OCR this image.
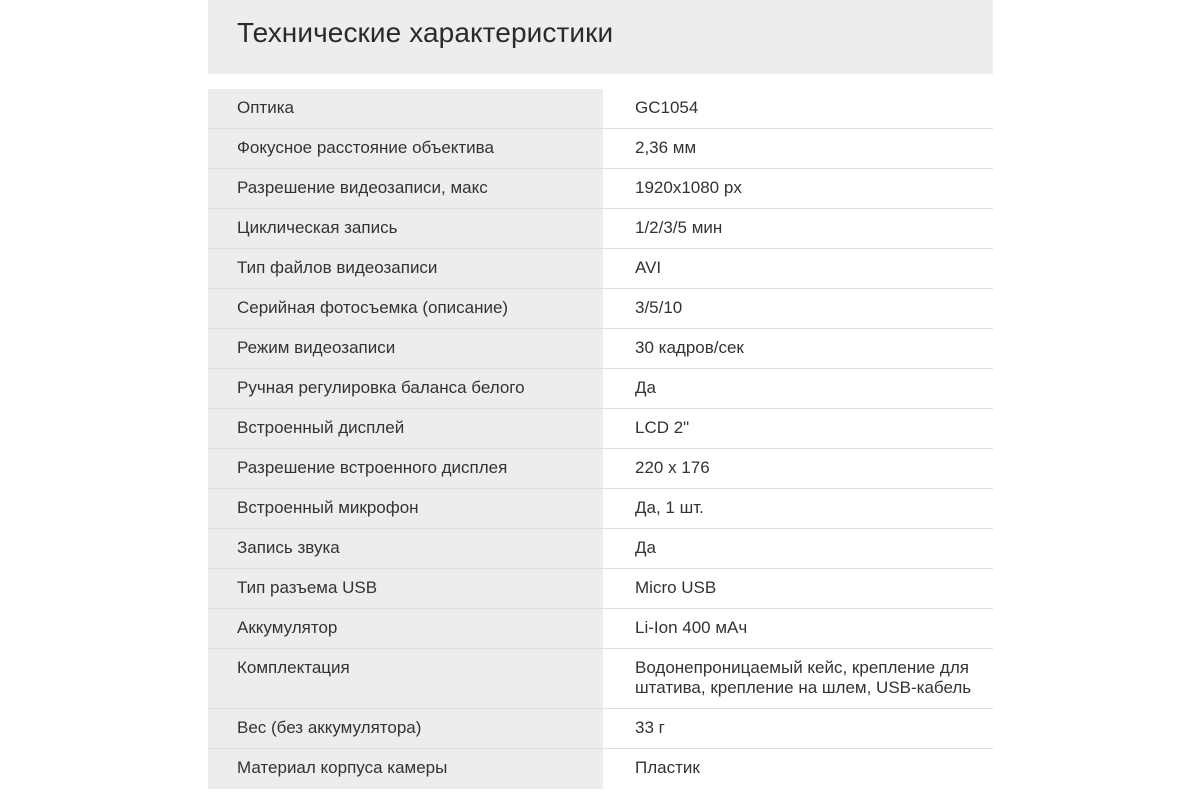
Технические характеристики
Оптика	GC1054
Фокусное расстояние объектива	2,36 мм
Разрешение видеозаписи, макс	1920x1080 px
Циклическая запись	1/2/3/5 мин
Тип файлов видеозаписи	AVI
Серийная фотосъемка (описание)	3/5/10
Режим видеозаписи	30 кадров/сек
Ручная регулировка баланса белого	Да
Встроенный дисплей	LCD 2"
Разрешение встроенного дисплея	220 x 176
Встроенный микрофон	Да, 1 шт.
Запись звука	Да
Тип разъема USB	Micro USB
Аккумулятор	Li-Ion 400 мАч
Комплектация	Водонепроницаемый кейс, крепление для штатива, крепление на шлем, USB-кабель
Вес (без аккумулятора)	33 г
Материал корпуса камеры	Пластик
